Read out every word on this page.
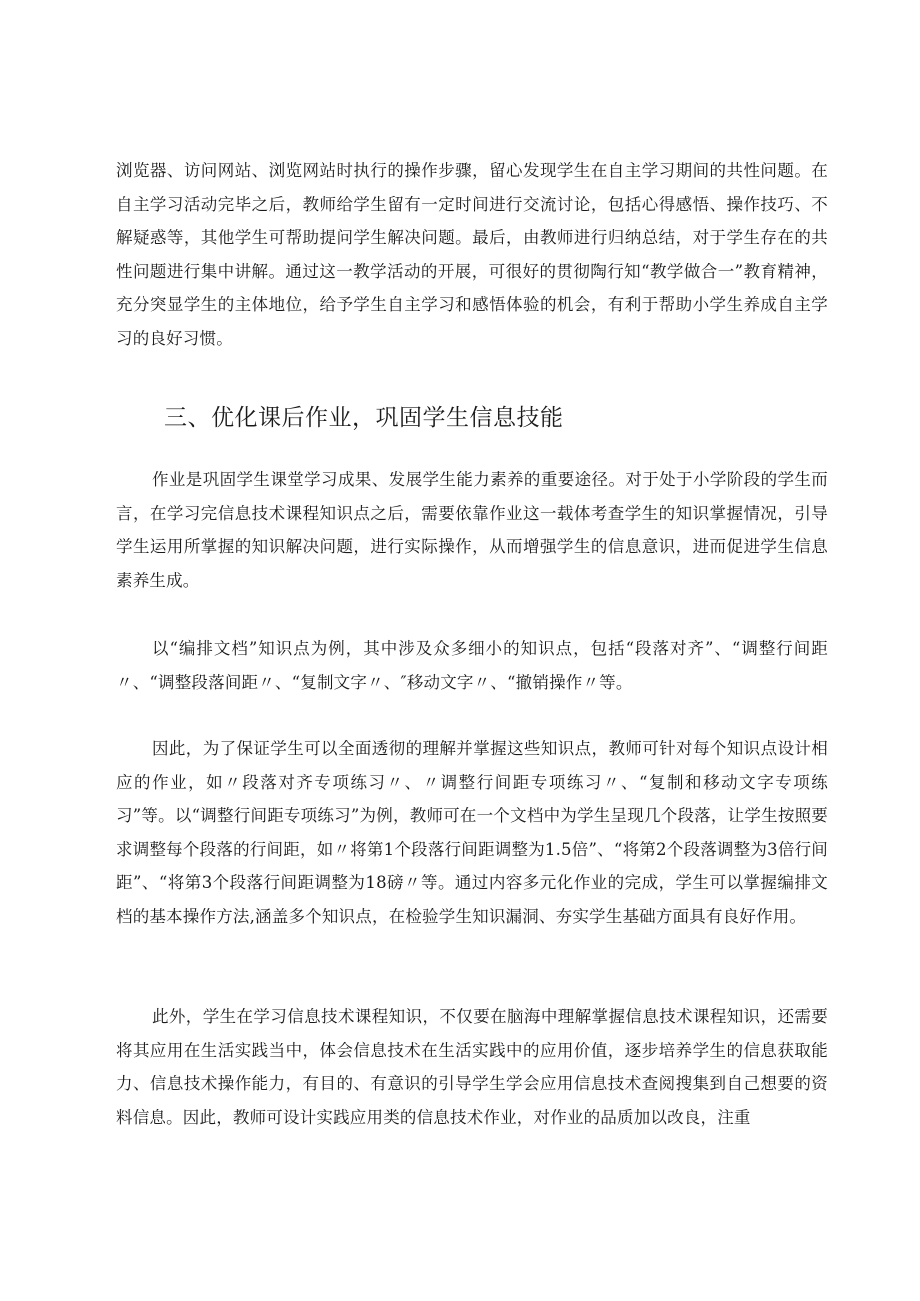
浏览器、访问网站、浏览网站时执行的操作步骤，留心发现学生在自主学习期间的共性问题。在自主学习活动完毕之后，教师给学生留有一定时间进行交流讨论，包括心得感悟、操作技巧、不解疑惑等，其他学生可帮助提问学生解决问题。最后，由教师进行归纳总结，对于学生存在的共性问题进行集中讲解。通过这一教学活动的开展，可很好的贯彻陶行知“教学做合一”教育精神，充分突显学生的主体地位，给予学生自主学习和感悟体验的机会，有利于帮助小学生养成自主学习的良好习惯。

三、优化课后作业，巩固学生信息技能

作业是巩固学生课堂学习成果、发展学生能力素养的重要途径。对于处于小学阶段的学生而言，在学习完信息技术课程知识点之后，需要依靠作业这一载体考查学生的知识掌握情况，引导学生运用所掌握的知识解决问题，进行实际操作，从而增强学生的信息意识，进而促进学生信息素养生成。

以“编排文档”知识点为例，其中涉及众多细小的知识点，包括“段落对齐”、“调整行间距〃、“调整段落间距〃、“复制文字〃、″移动文字〃、“撤销操作〃等。

因此，为了保证学生可以全面透彻的理解并掌握这些知识点，教师可针对每个知识点设计相应的作业，如〃段落对齐专项练习〃、〃调整行间距专项练习〃、“复制和移动文字专项练习”等。以“调整行间距专项练习”为例，教师可在一个文档中为学生呈现几个段落，让学生按照要求调整每个段落的行间距，如〃将第1个段落行间距调整为1.5倍”、“将第2个段落调整为3倍行间距”、“将第3个段落行间距调整为18磅〃等。通过内容多元化作业的完成，学生可以掌握编排文档的基本操作方法,涵盖多个知识点，在检验学生知识漏洞、夯实学生基础方面具有良好作用。

此外，学生在学习信息技术课程知识，不仅要在脑海中理解掌握信息技术课程知识，还需要将其应用在生活实践当中，体会信息技术在生活实践中的应用价值，逐步培养学生的信息获取能力、信息技术操作能力，有目的、有意识的引导学生学会应用信息技术查阅搜集到自己想要的资料信息。因此，教师可设计实践应用类的信息技术作业，对作业的品质加以改良，注重
